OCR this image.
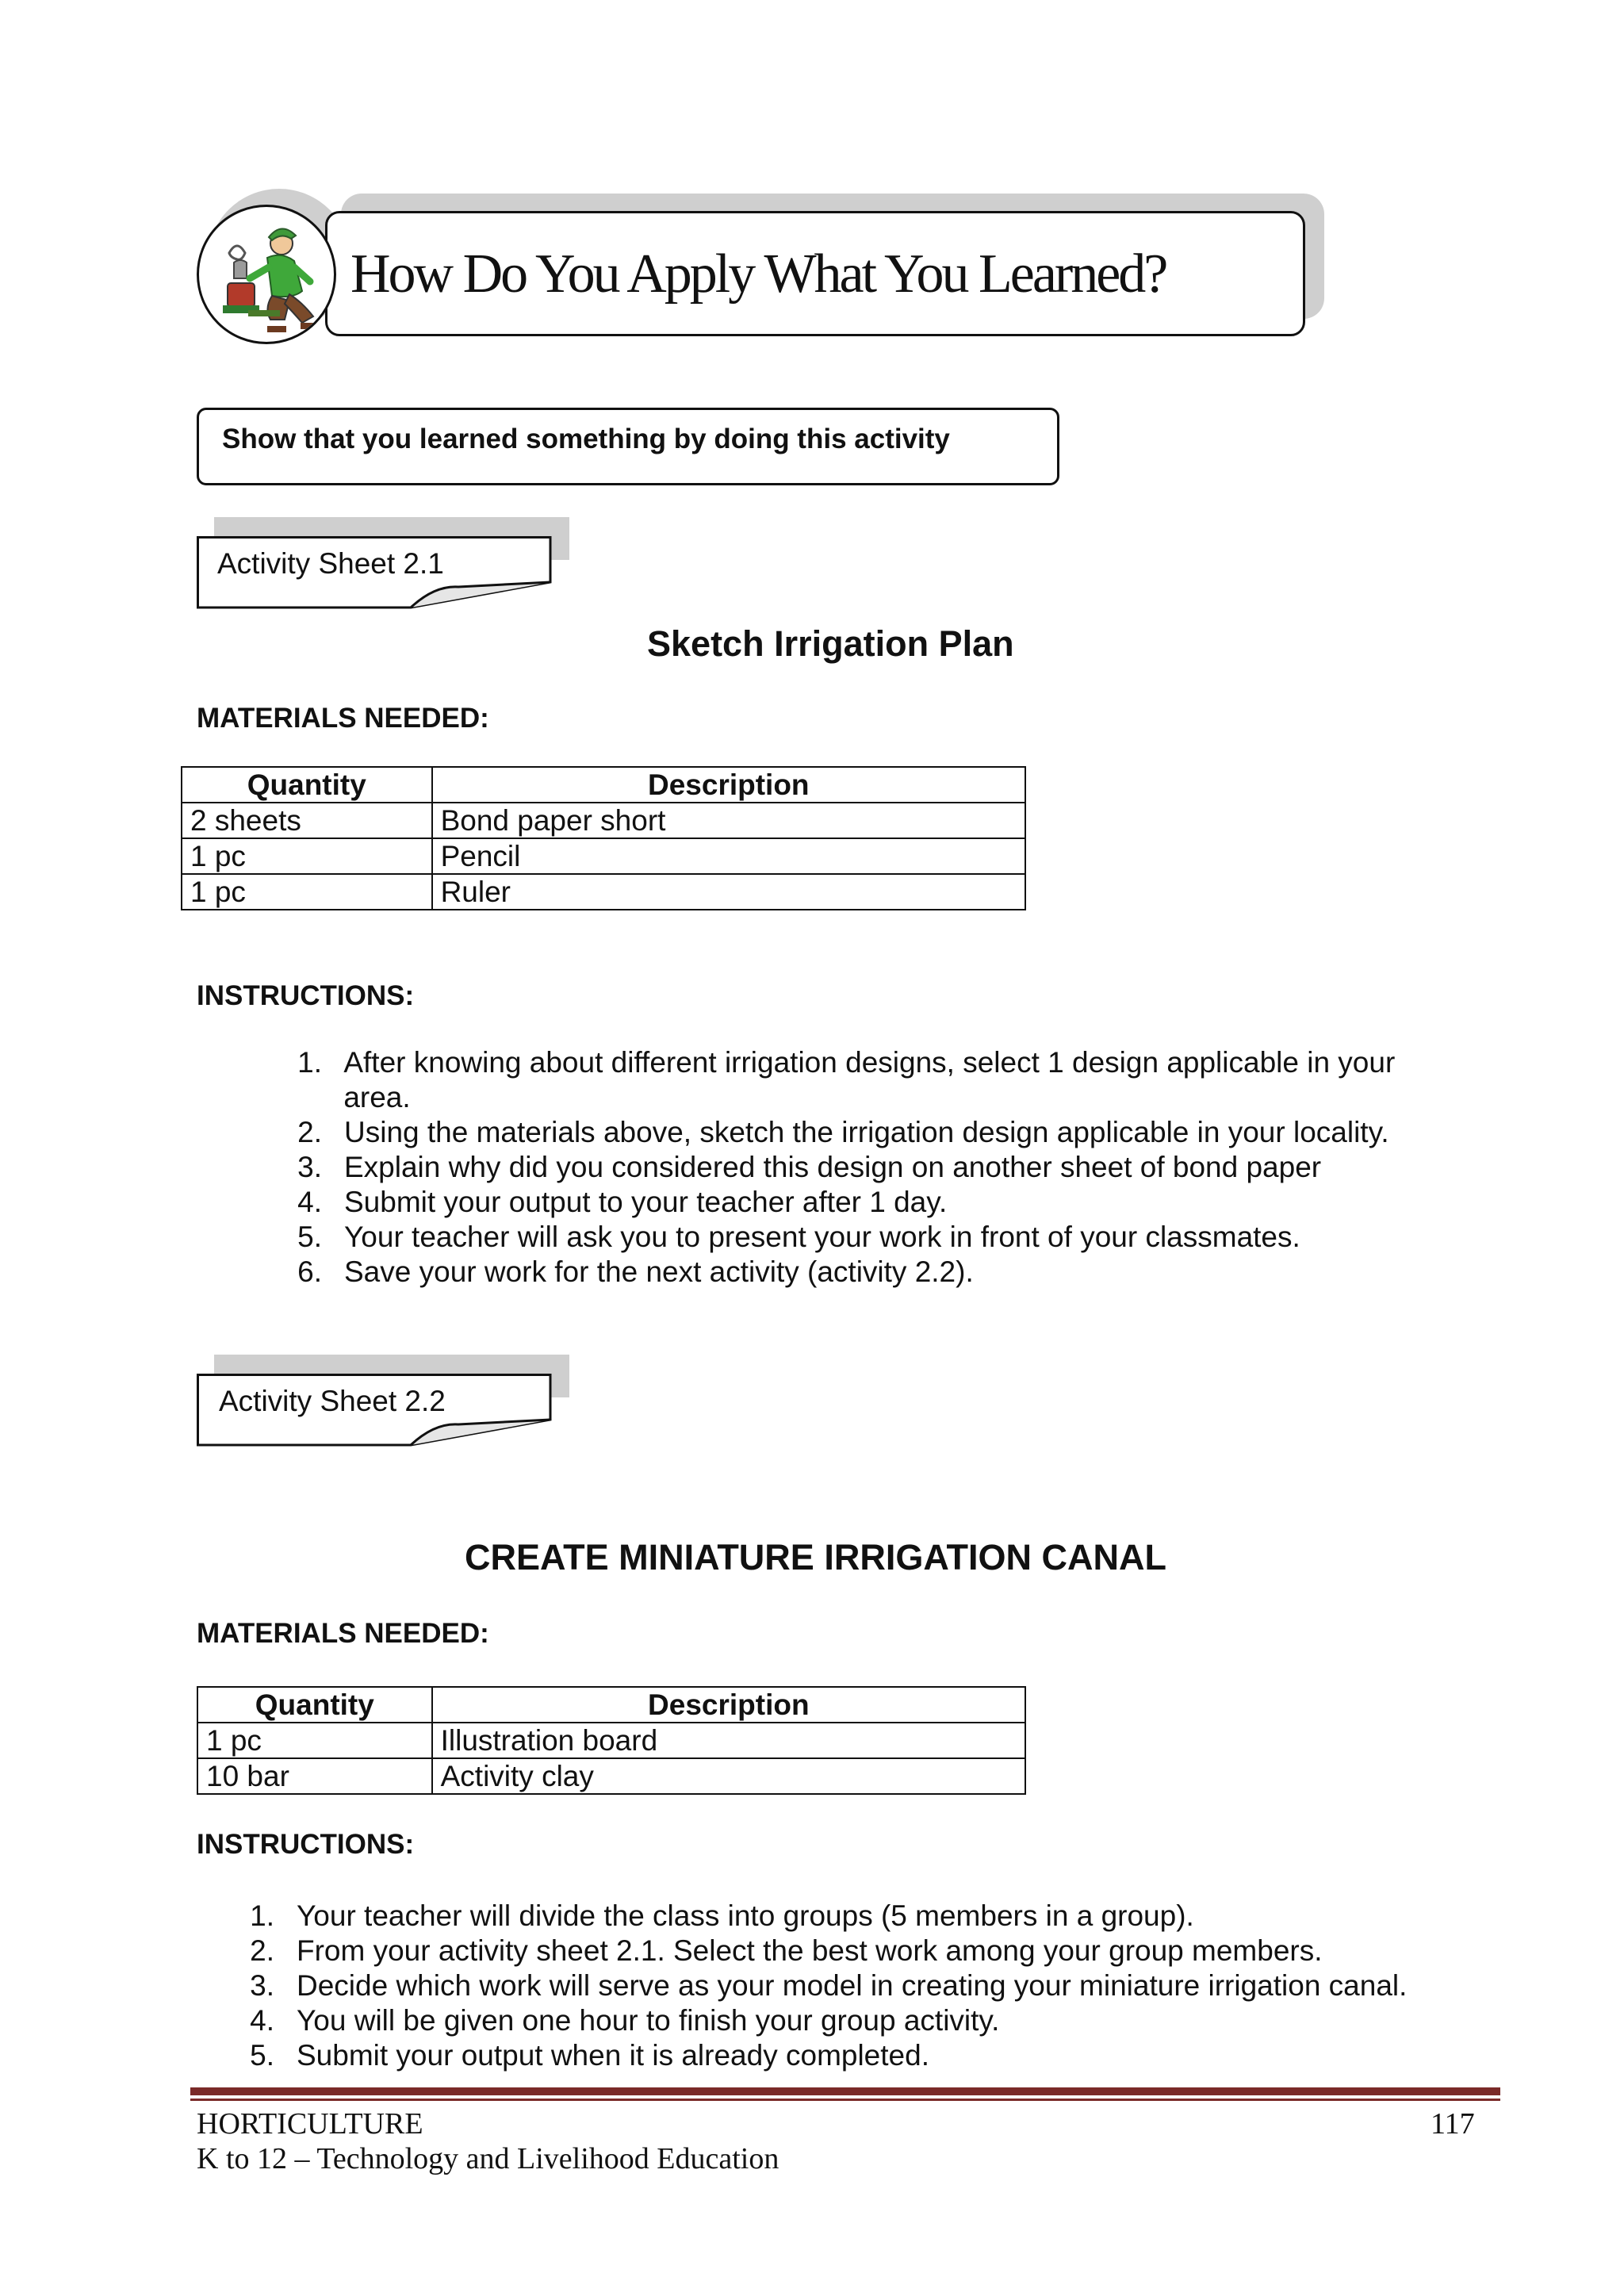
How Do You Apply What You Learned?
Show that you learned something by doing this activity
Activity Sheet 2.1
Sketch Irrigation Plan
MATERIALS NEEDED:
Quantity	Description
2 sheets	Bond paper short
1 pc	Pencil
1 pc	Ruler
INSTRUCTIONS:
1. After knowing about different irrigation designs, select 1 design applicable in your area.
2. Using the materials above, sketch the irrigation design applicable in your locality.
3. Explain why did you considered this design on another sheet of bond paper
4. Submit your output to your teacher after 1 day.
5. Your teacher will ask you to present your work in front of your classmates.
6. Save your work for the next activity (activity 2.2).
Activity Sheet 2.2
CREATE MINIATURE IRRIGATION CANAL
MATERIALS NEEDED:
Quantity	Description
1 pc	Illustration board
10 bar	Activity clay
INSTRUCTIONS:
1. Your teacher will divide the class into groups (5 members in a group).
2. From your activity sheet 2.1. Select the best work among your group members.
3. Decide which work will serve as your model in creating your miniature irrigation canal.
4. You will be given one hour to finish your group activity.
5. Submit your output when it is already completed.
HORTICULTURE
K to 12 – Technology and Livelihood Education
117
